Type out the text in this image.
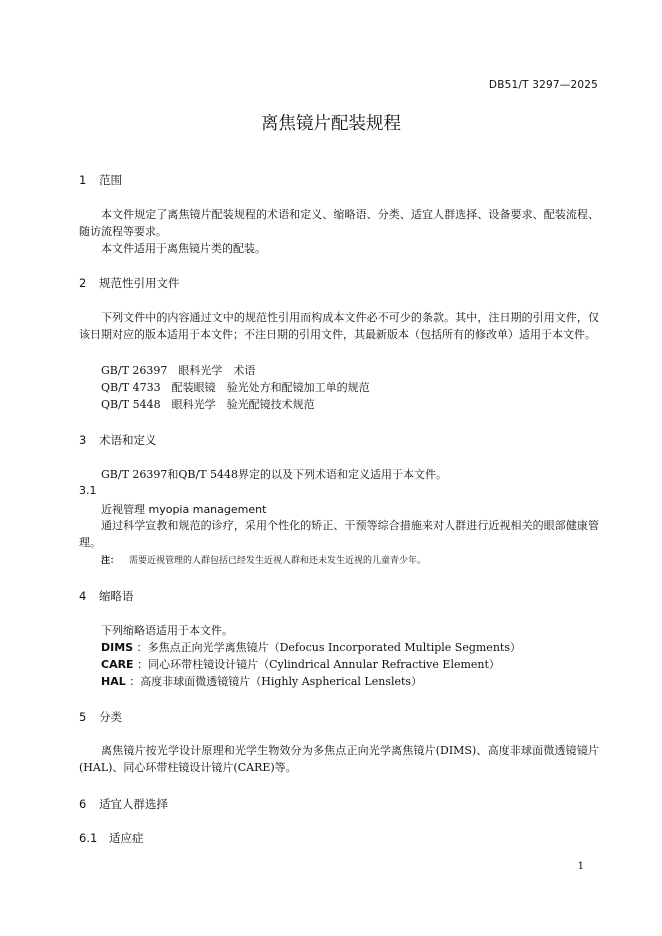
DB51/T 3297—2025
离焦镜片配装规程
1 范围
本文件规定了离焦镜片配装规程的术语和定义、缩略语、分类、适宜人群选择、设备要求、配装流程、随访流程等要求。
本文件适用于离焦镜片类的配装。
2 规范性引用文件
下列文件中的内容通过文中的规范性引用而构成本文件必不可少的条款。其中，注日期的引用文件，仅该日期对应的版本适用于本文件；不注日期的引用文件，其最新版本（包括所有的修改单）适用于本文件。
GB/T 26397　眼科光学　术语
QB/T 4733　配装眼镜　验光处方和配镜加工单的规范
QB/T 5448　眼科光学　验光配镜技术规范
3 术语和定义
GB/T 26397和QB/T 5448界定的以及下列术语和定义适用于本文件。
3.1
近视管理 myopia management
通过科学宣教和规范的诊疗，采用个性化的矫正、干预等综合措施来对人群进行近视相关的眼部健康管理。
注： 需要近视管理的人群包括已经发生近视人群和还未发生近视的儿童青少年。
4 缩略语
下列缩略语适用于本文件。
DIMS ：多焦点正向光学离焦镜片（Defocus Incorporated Multiple Segments）
CARE ：同心环带柱镜设计镜片（Cylindrical Annular Refractive Element）
HAL ：高度非球面微透镜镜片（Highly Aspherical Lenslets）
5 分类
离焦镜片按光学设计原理和光学生物效分为多焦点正向光学离焦镜片(DIMS)、高度非球面微透镜镜片(HAL)、同心环带柱镜设计镜片(CARE)等。
6 适宜人群选择
6.1 适应症
1
